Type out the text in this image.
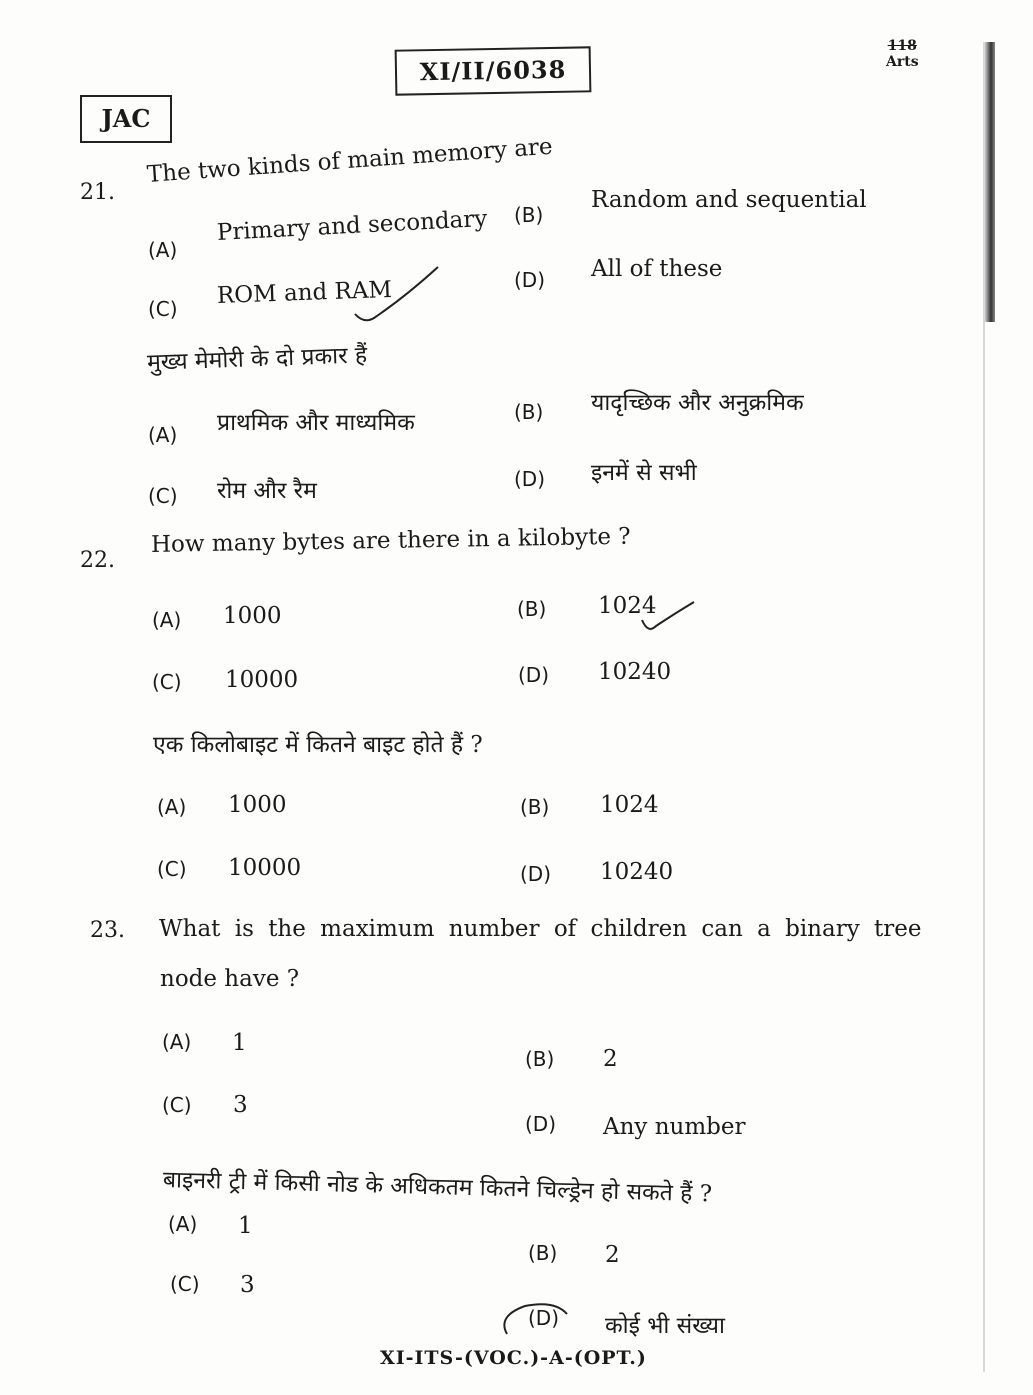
XI/II/6038
JAC
118
Arts
21.
The two kinds of main memory are
(A)
Primary and secondary (B)
Random and sequential
(C)
ROM and RAM	(D) All of these
मुख्य मेमोरी के दो प्रकार हैं
(A) प्राथमिक और माध्यमिक	(B) यादृच्छिक और अनुक्रमिक
(C) रोम और रैम	(D) इनमें से सभी
22.
How many bytes are there in a kilobyte ?
(A) 1000	(B) 1024
(C) 10000	(D) 10240
एक किलोबाइट में कितने बाइट होते हैं ?
(A) 1000	(B) 1024
(C) 10000	(D) 10240
23. What is the maximum number of children can a binary tree
node have ?
(A) 1
(B) 2
(C) 3
(D) Any number
बाइनरी ट्री में किसी नोड के अधिकतम कितने चिल्ड्रेन हो सकते हैं ?
(A) 1
(B) 2
(C) 3
(D) कोई भी संख्या
XI-ITS-(VOC.)-A-(OPT.)
